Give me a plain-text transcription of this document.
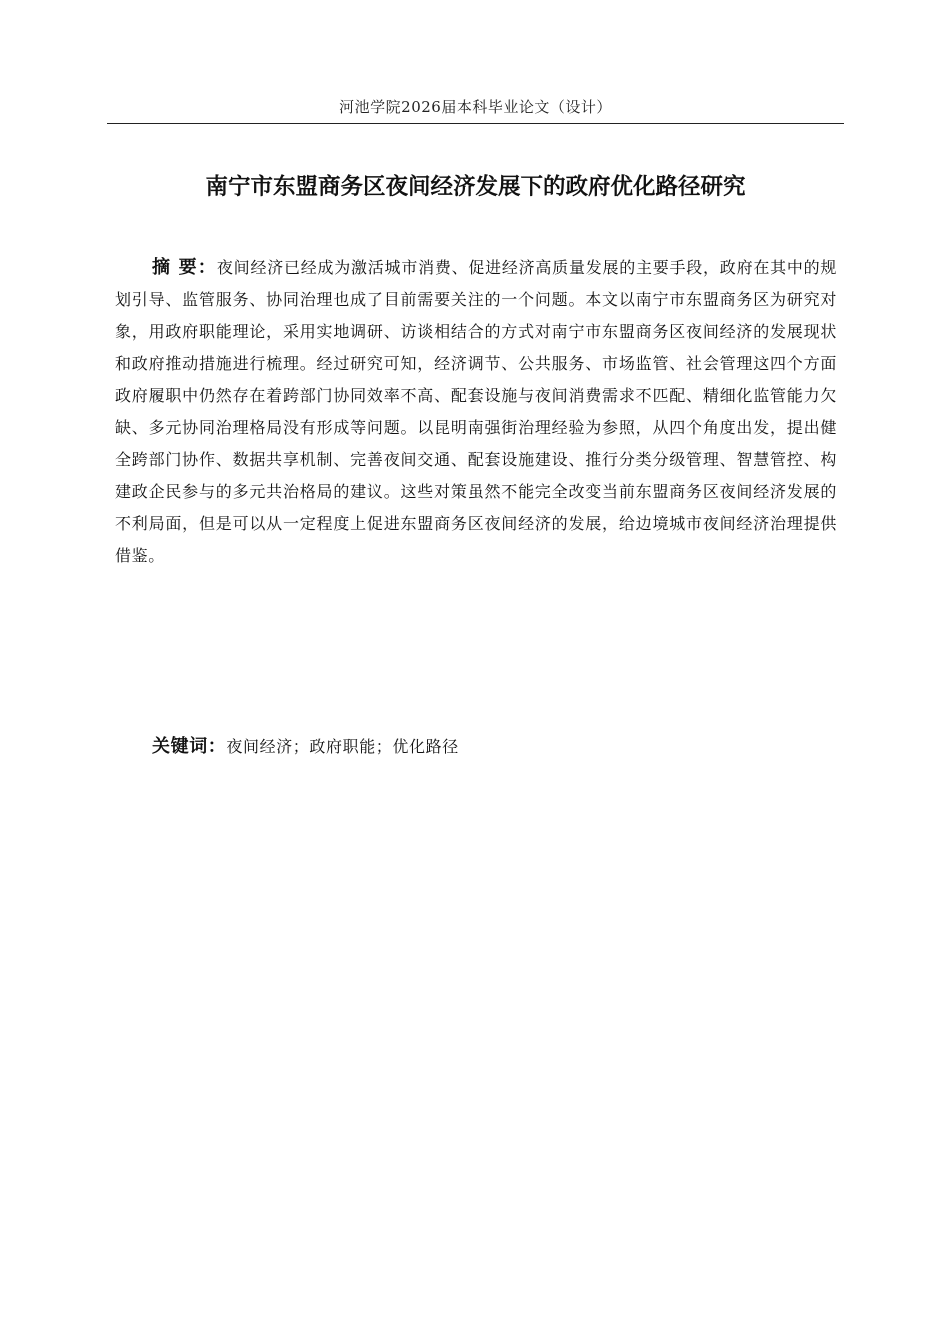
河池学院2026届本科毕业论文（设计）
南宁市东盟商务区夜间经济发展下的政府优化路径研究
摘 要：夜间经济已经成为激活城市消费、促进经济高质量发展的主要手段，政府在其中的规划引导、监管服务、协同治理也成了目前需要关注的一个问题。本文以南宁市东盟商务区为研究对象，用政府职能理论，采用实地调研、访谈相结合的方式对南宁市东盟商务区夜间经济的发展现状和政府推动措施进行梳理。经过研究可知，经济调节、公共服务、市场监管、社会管理这四个方面政府履职中仍然存在着跨部门协同效率不高、配套设施与夜间消费需求不匹配、精细化监管能力欠缺、多元协同治理格局没有形成等问题。以昆明南强街治理经验为参照，从四个角度出发，提出健全跨部门协作、数据共享机制、完善夜间交通、配套设施建设、推行分类分级管理、智慧管控、构建政企民参与的多元共治格局的建议。这些对策虽然不能完全改变当前东盟商务区夜间经济发展的不利局面，但是可以从一定程度上促进东盟商务区夜间经济的发展，给边境城市夜间经济治理提供借鉴。
关键词：夜间经济；政府职能；优化路径
